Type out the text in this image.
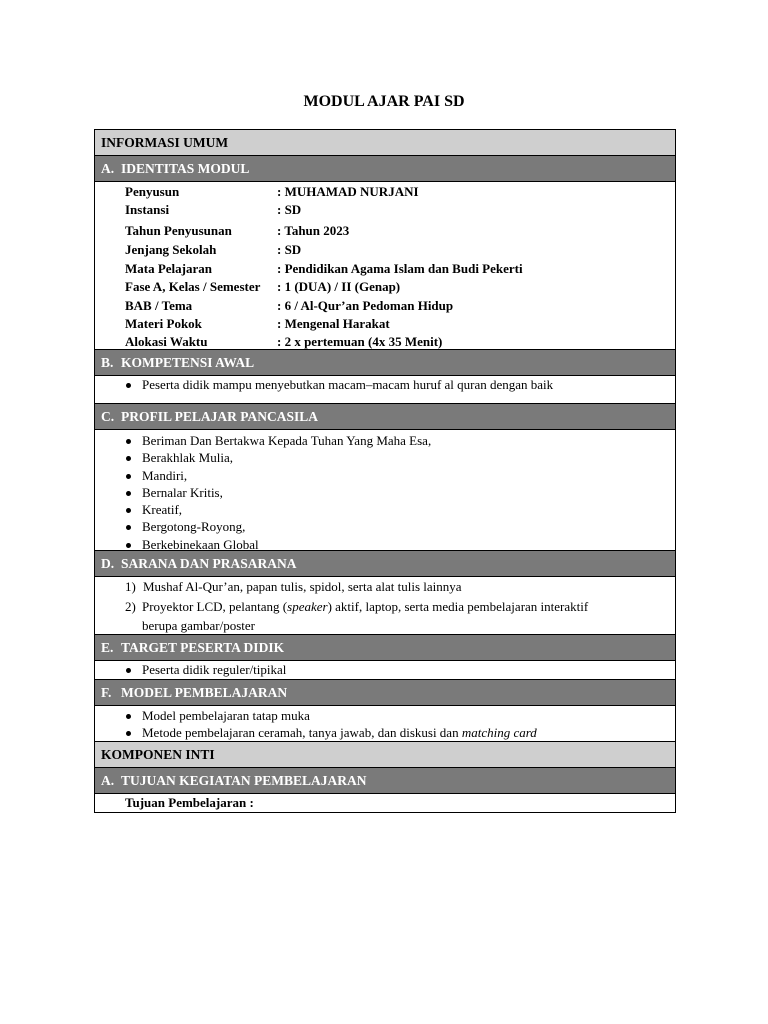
MODUL AJAR PAI SD
INFORMASI UMUM
A. IDENTITAS MODUL
Penyusun	: MUHAMAD NURJANI
Instansi	: SD
Tahun Penyusunan	: Tahun 2023
Jenjang Sekolah	: SD
Mata Pelajaran	: Pendidikan Agama Islam dan Budi Pekerti
Fase A, Kelas / Semester : 1 (DUA) / II (Genap)
BAB / Tema	: 6 / Al-Qur’an Pedoman Hidup
Materi Pokok	: Mengenal Harakat
Alokasi Waktu	: 2 x pertemuan (4x 35 Menit)
B. KOMPETENSI AWAL
Peserta didik mampu menyebutkan macam–macam huruf al quran dengan baik
C. PROFIL PELAJAR PANCASILA
Beriman Dan Bertakwa Kepada Tuhan Yang Maha Esa,
Berakhlak Mulia,
Mandiri,
Bernalar Kritis,
Kreatif,
Bergotong-Royong,
Berkebinekaan Global
D. SARANA DAN PRASARANA
1) Mushaf Al-Qur’an, papan tulis, spidol, serta alat tulis lainnya
2) Proyektor LCD, pelantang (speaker) aktif, laptop, serta media pembelajaran interaktif
berupa gambar/poster
E. TARGET PESERTA DIDIK
Peserta didik reguler/tipikal
F. MODEL PEMBELAJARAN
Model pembelajaran tatap muka
Metode pembelajaran ceramah, tanya jawab, dan diskusi dan matching card
KOMPONEN INTI
A. TUJUAN KEGIATAN PEMBELAJARAN
Tujuan Pembelajaran :
